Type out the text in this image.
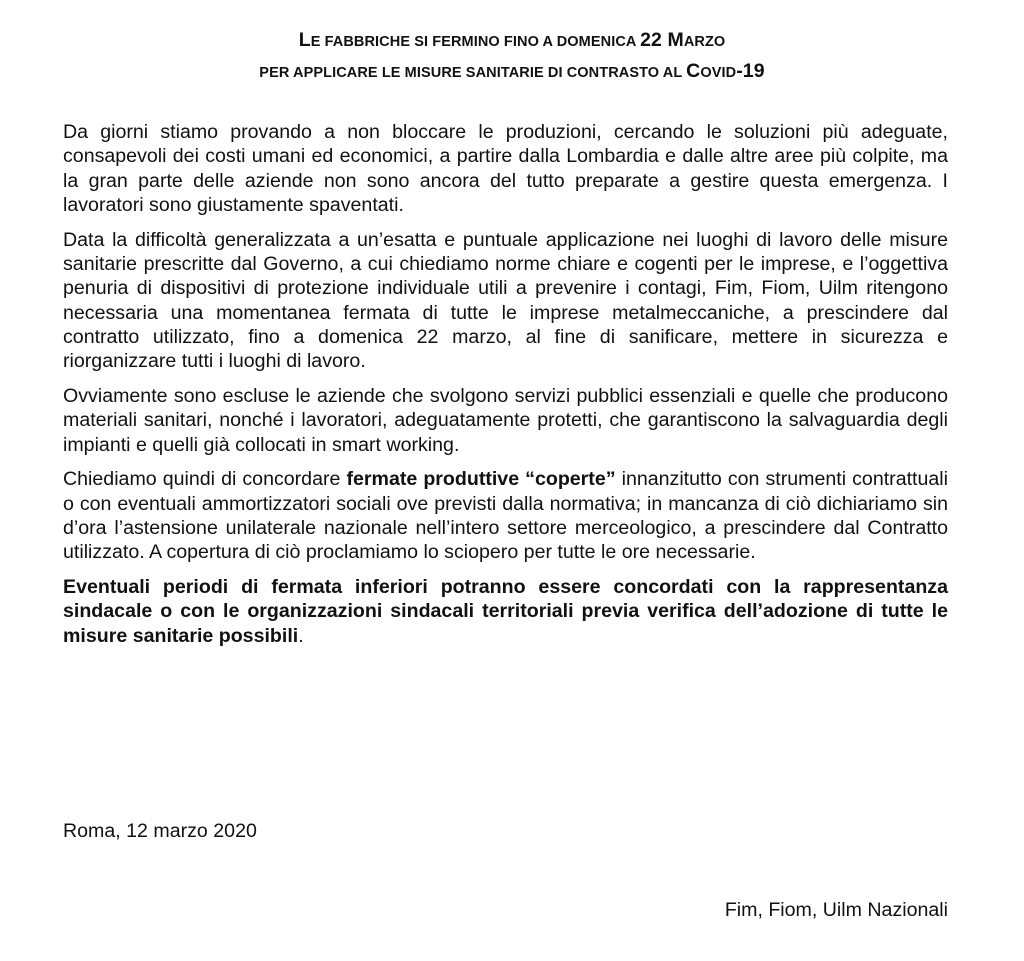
LE FABBRICHE SI FERMINO FINO A DOMENICA 22 MARZO
PER APPLICARE LE MISURE SANITARIE DI CONTRASTO AL COVID-19

Da giorni stiamo provando a non bloccare le produzioni, cercando le soluzioni più adeguate, consapevoli dei costi umani ed economici, a partire dalla Lombardia e dalle altre aree più colpite, ma la gran parte delle aziende non sono ancora del tutto preparate a gestire questa emergenza. I lavoratori sono giustamente spaventati.

Data la difficoltà generalizzata a un’esatta e puntuale applicazione nei luoghi di lavoro delle misure sanitarie prescritte dal Governo, a cui chiediamo norme chiare e cogenti per le imprese, e l’oggettiva penuria di dispositivi di protezione individuale utili a prevenire i contagi, Fim, Fiom, Uilm ritengono necessaria una momentanea fermata di tutte le imprese metalmeccaniche, a prescindere dal contratto utilizzato, fino a domenica 22 marzo, al fine di sanificare, mettere in sicurezza e riorganizzare tutti i luoghi di lavoro.

Ovviamente sono escluse le aziende che svolgono servizi pubblici essenziali e quelle che producono materiali sanitari, nonché i lavoratori, adeguatamente protetti, che garantiscono la salvaguardia degli impianti e quelli già collocati in smart working.

Chiediamo quindi di concordare fermate produttive “coperte” innanzitutto con strumenti contrattuali o con eventuali ammortizzatori sociali ove previsti dalla normativa; in mancanza di ciò dichiariamo sin d’ora l’astensione unilaterale nazionale nell’intero settore merceologico, a prescindere dal Contratto utilizzato. A copertura di ciò proclamiamo lo sciopero per tutte le ore necessarie.

Eventuali periodi di fermata inferiori potranno essere concordati con la rappresentanza sindacale o con le organizzazioni sindacali territoriali previa verifica dell’adozione di tutte le misure sanitarie possibili.

Roma, 12 marzo 2020
Fim, Fiom, Uilm Nazionali
